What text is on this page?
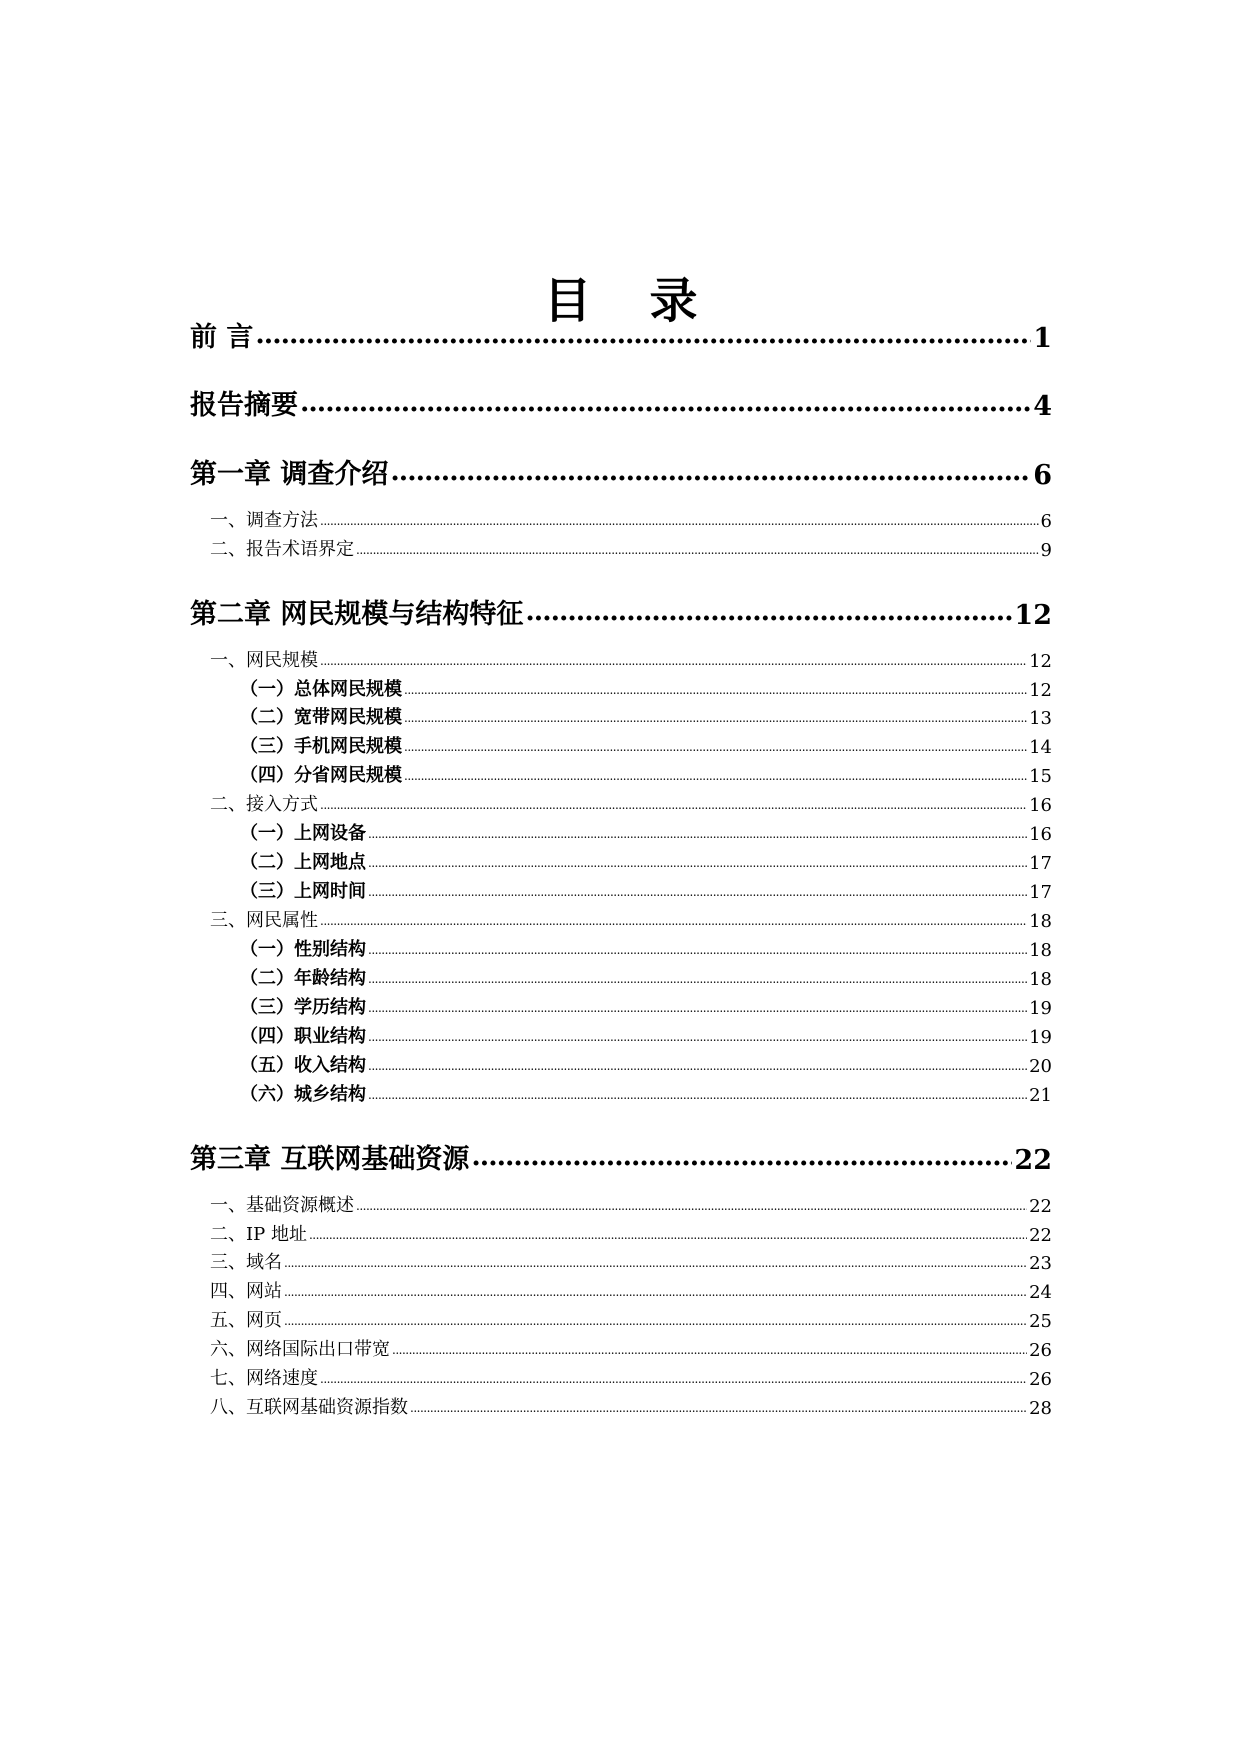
目 录
前 言 .....	1
报告摘要 .....	4
第一章 调查介绍 .....	6
一、调查方法 .....	6
二、报告术语界定 .....	9
第二章 网民规模与结构特征 .....	12
一、网民规模 .....	12
（一）总体网民规模 .....	12
（二）宽带网民规模 .....	13
（三）手机网民规模 .....	14
（四）分省网民规模 .....	15
二、接入方式 .....	16
（一）上网设备 .....	16
（二）上网地点 .....	17
（三）上网时间 .....	17
三、网民属性 .....	18
（一）性别结构 .....	18
（二）年龄结构 .....	18
（三）学历结构 .....	19
（四）职业结构 .....	19
（五）收入结构 .....	20
（六）城乡结构 .....	21
第三章 互联网基础资源 .....	22
一、基础资源概述 .....	22
二、IP 地址 .....	22
三、域名 .....	23
四、网站 .....	24
五、网页 .....	25
六、网络国际出口带宽 .....	26
七、网络速度 .....	26
八、互联网基础资源指数 .....	28
